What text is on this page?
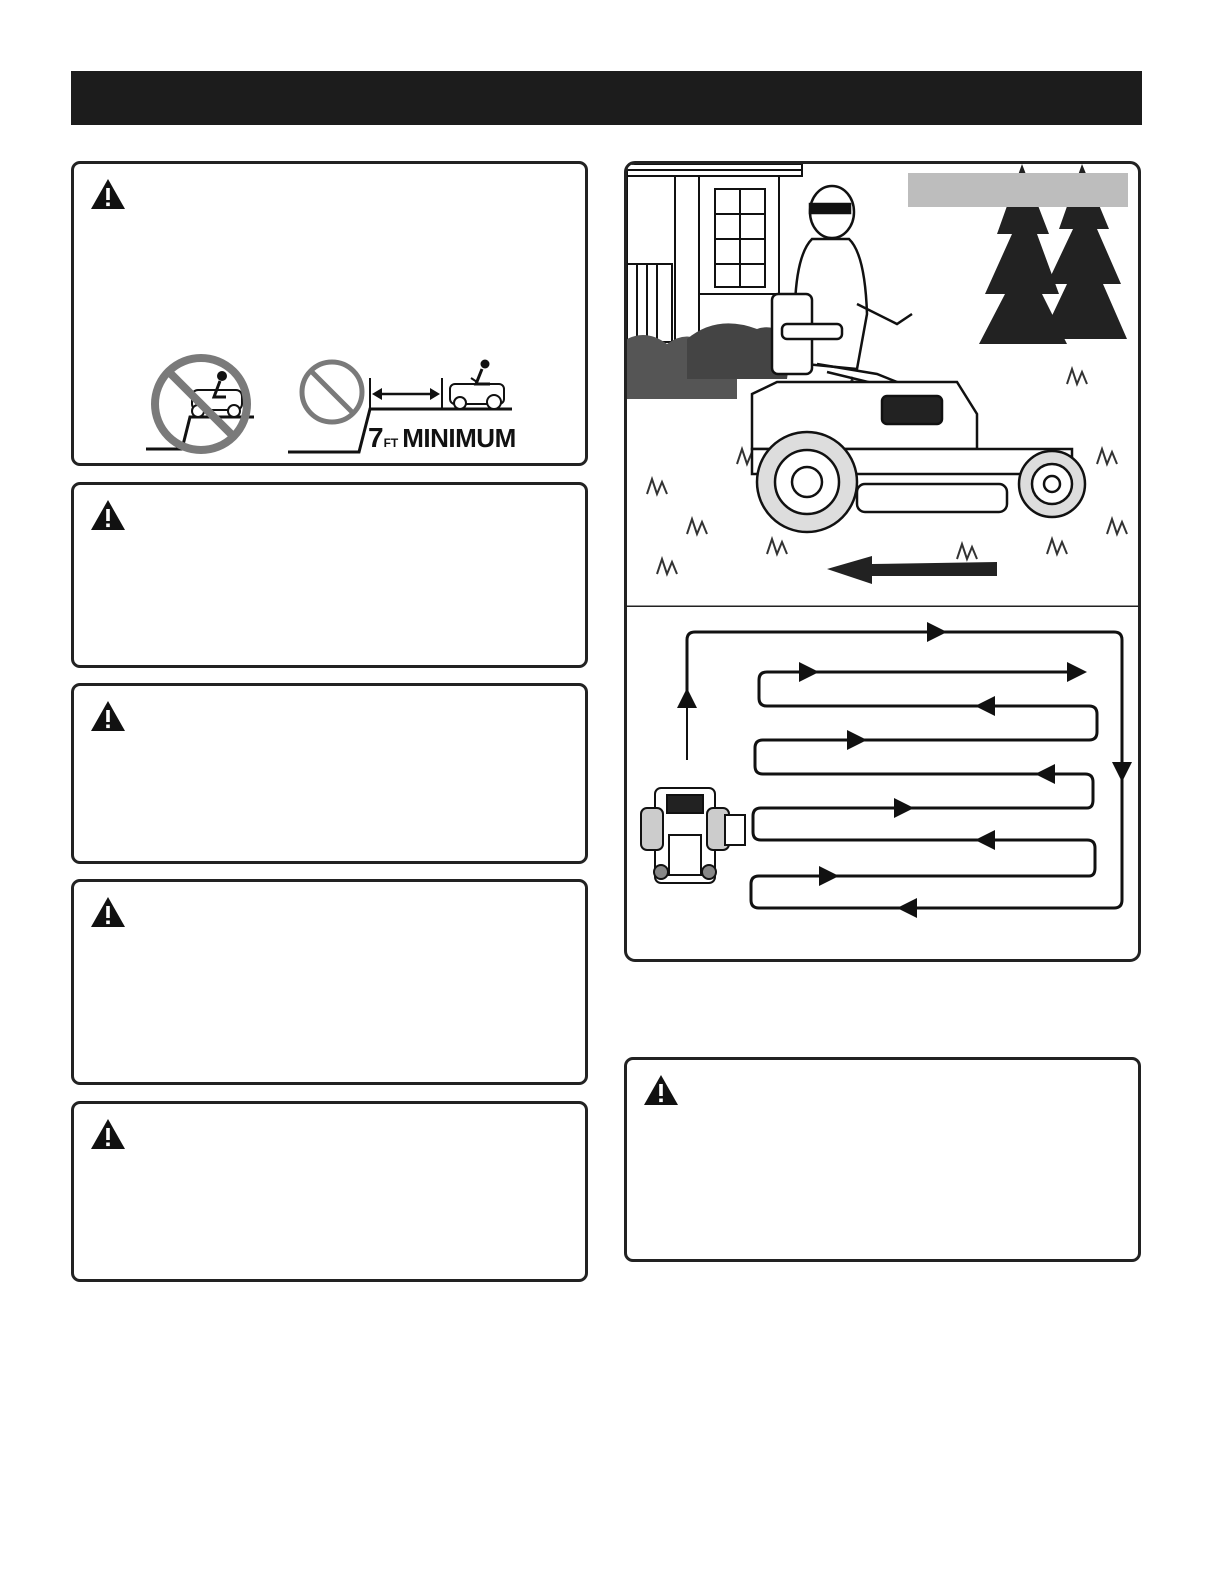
7FT MINIMUM
